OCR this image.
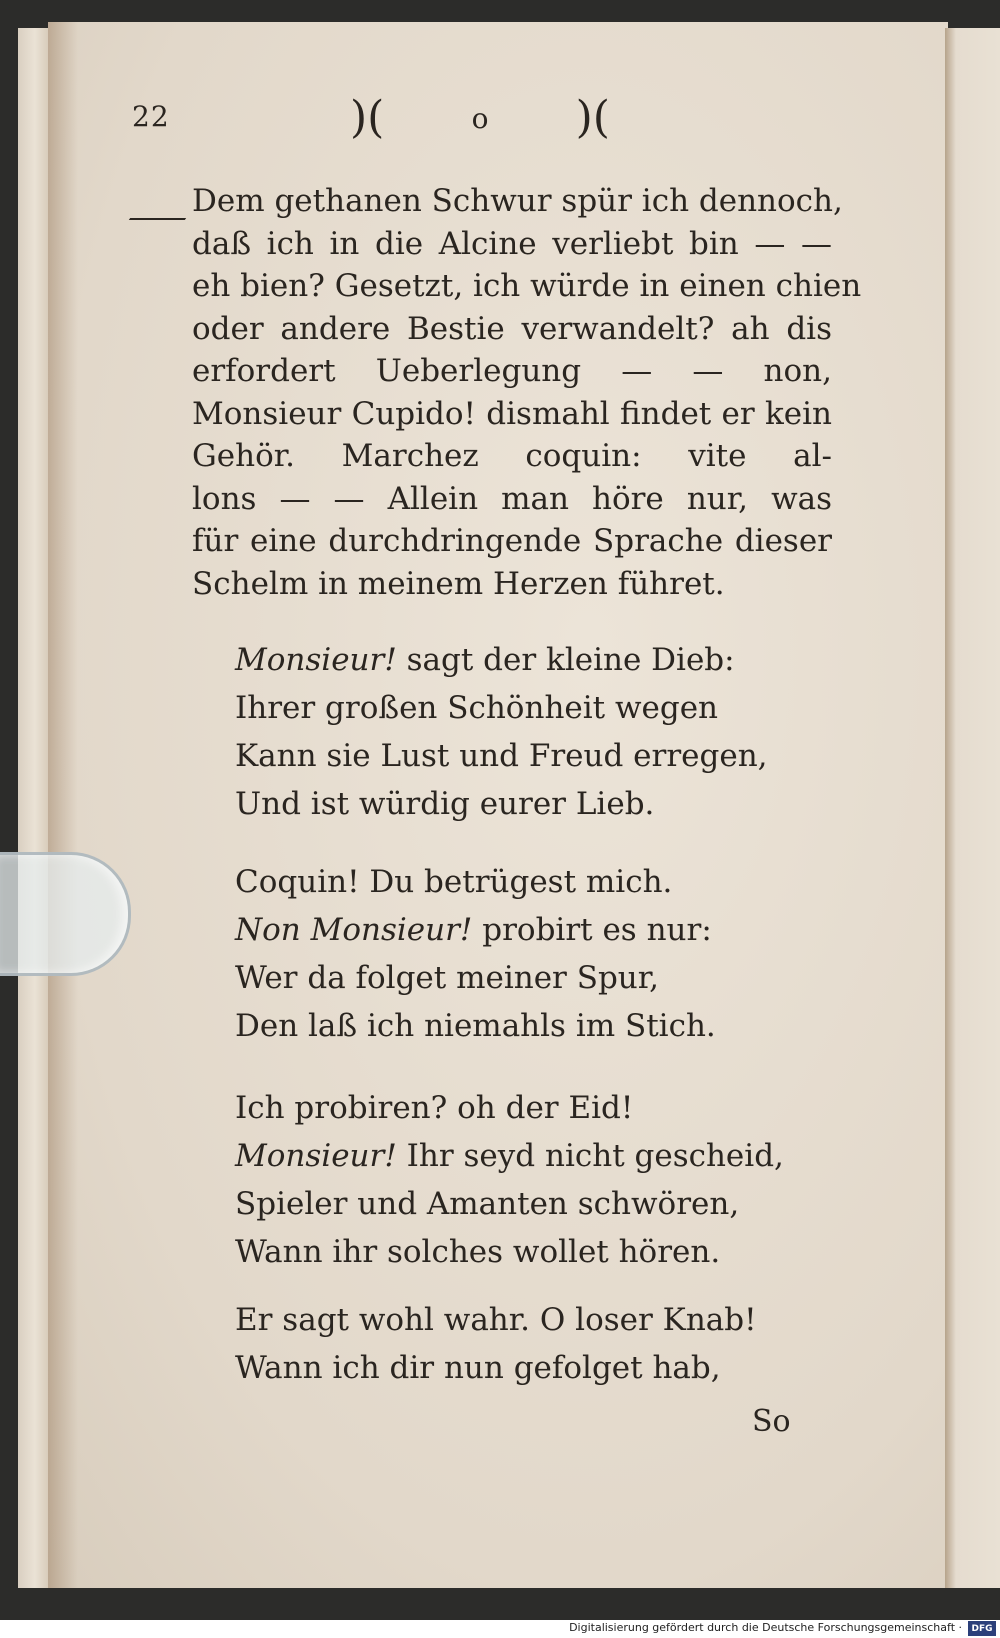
22	)(	o )(
Dem gethanen Schwur spür ich dennoch,
daß ich in die Alcine verliebt bin — —
eh bien? Gesetzt, ich würde in einen chien
oder andere Bestie verwandelt? ah dis
erfordert Ueberlegung — — non,
Monsieur Cupido! dismahl findet er kein
Gehör. Marchez coquin: vite al-
lons — — Allein man höre nur, was
für eine durchdringende Sprache dieser
Schelm in meinem Herzen führet.
Monsieur! sagt der kleine Dieb:
Ihrer großen Schönheit wegen
Kann sie Lust und Freud erregen,
Und ist würdig eurer Lieb.
Coquin! Du betrügest mich.
Non Monsieur! probirt es nur:
Wer da folget meiner Spur,
Den laß ich niemahls im Stich.
Ich probiren? oh der Eid!
Monsieur! Ihr seyd nicht gescheid,
Spieler und Amanten schwören,
Wann ihr solches wollet hören.
Er sagt wohl wahr. O loser Knab!
Wann ich dir nun gefolget hab,
So
Digitalisierung gefördert durch die Deutsche Forschungsgemeinschaft ·	DFG
